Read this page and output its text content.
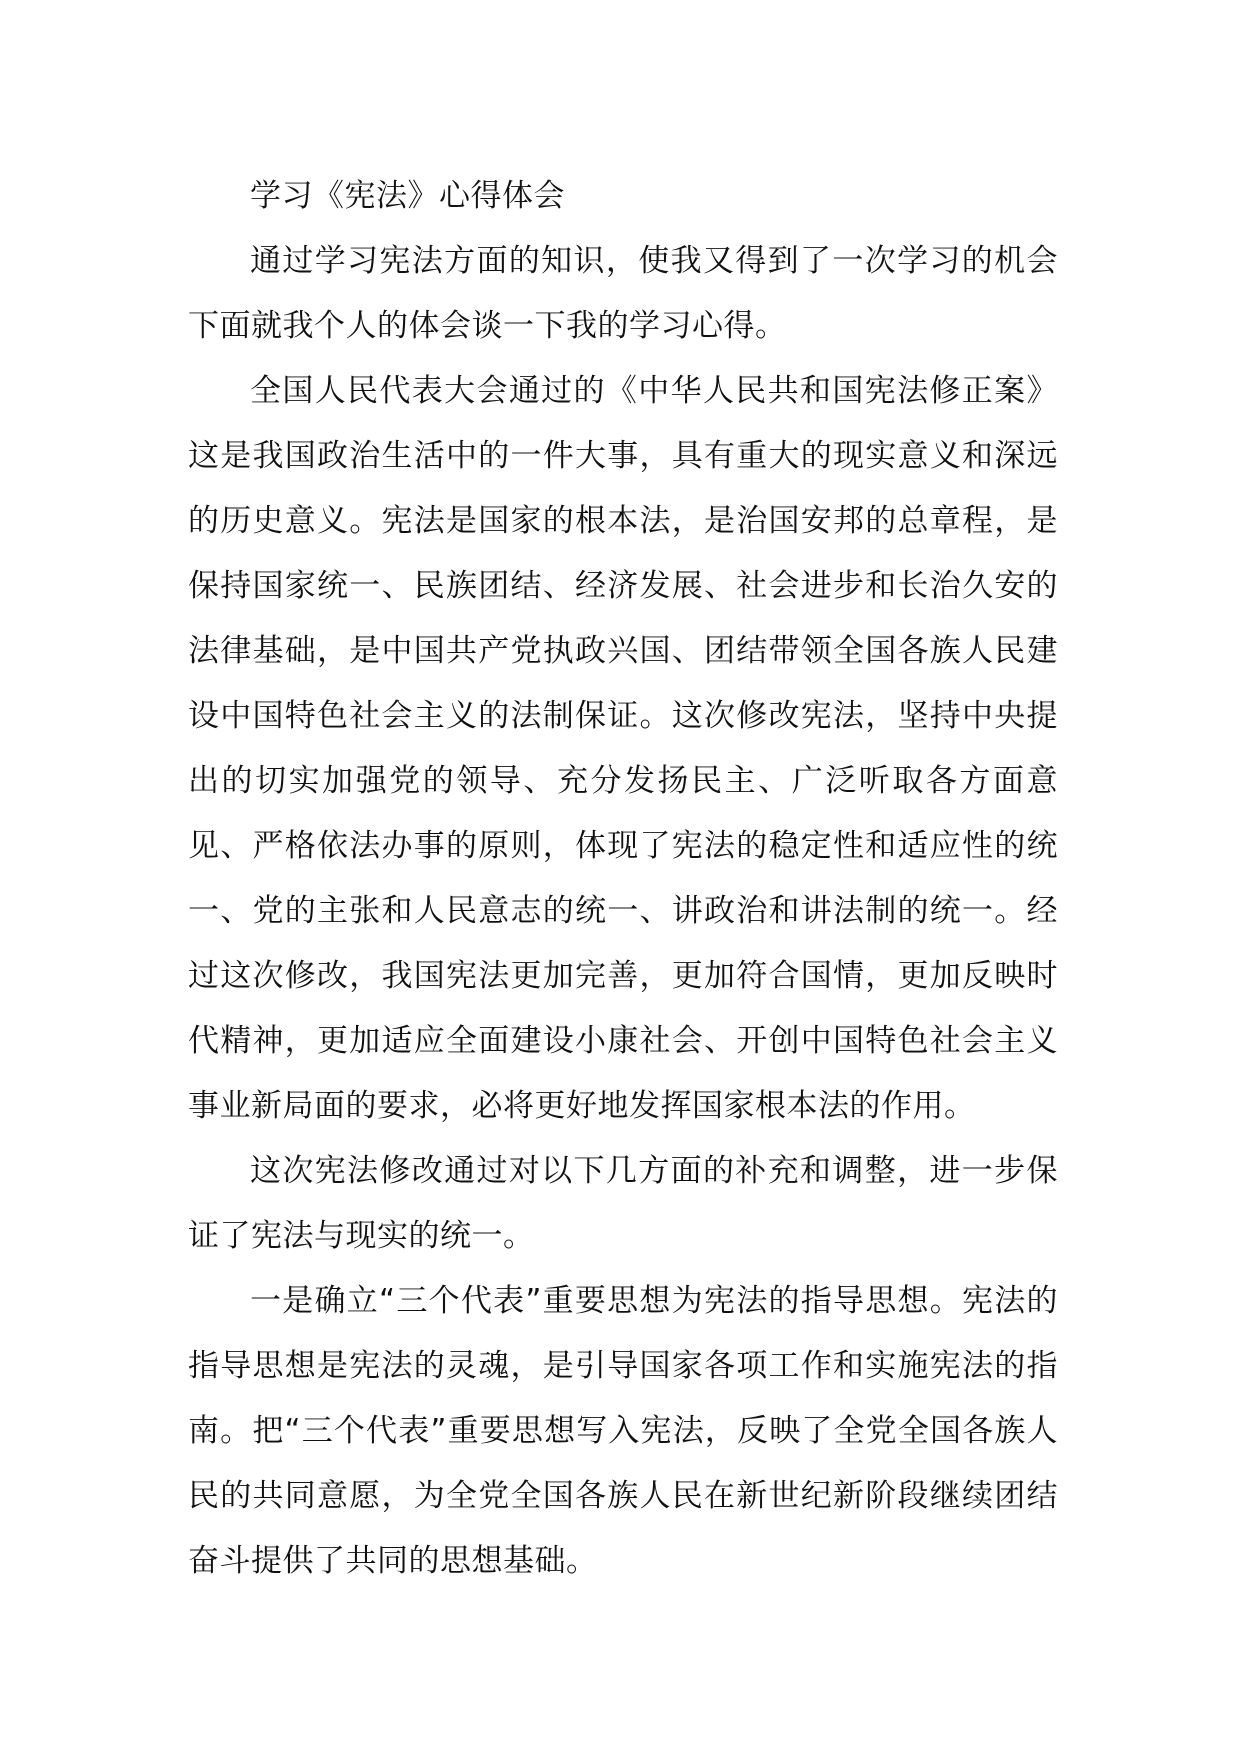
学习《宪法》心得体会

通过学习宪法方面的知识，使我又得到了一次学习的机会下面就我个人的体会谈一下我的学习心得。

全国人民代表大会通过的《中华人民共和国宪法修正案》这是我国政治生活中的一件大事，具有重大的现实意义和深远的历史意义。宪法是国家的根本法，是治国安邦的总章程，是保持国家统一、民族团结、经济发展、社会进步和长治久安的法律基础，是中国共产党执政兴国、团结带领全国各族人民建设中国特色社会主义的法制保证。这次修改宪法，坚持中央提出的切实加强党的领导、充分发扬民主、广泛听取各方面意见、严格依法办事的原则，体现了宪法的稳定性和适应性的统一、党的主张和人民意志的统一、讲政治和讲法制的统一。经过这次修改，我国宪法更加完善，更加符合国情，更加反映时代精神，更加适应全面建设小康社会、开创中国特色社会主义事业新局面的要求，必将更好地发挥国家根本法的作用。

这次宪法修改通过对以下几方面的补充和调整，进一步保证了宪法与现实的统一。

一是确立“三个代表”重要思想为宪法的指导思想。宪法的指导思想是宪法的灵魂，是引导国家各项工作和实施宪法的指南。把“三个代表”重要思想写入宪法，反映了全党全国各族人民的共同意愿，为全党全国各族人民在新世纪新阶段继续团结奋斗提供了共同的思想基础。
